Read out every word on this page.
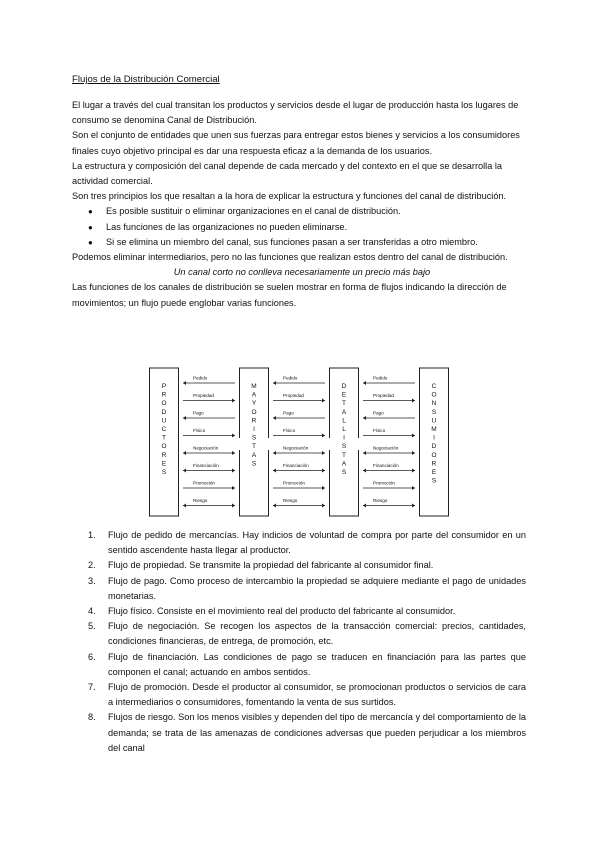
Flujos de la Distribución Comercial

El lugar a través del cual transitan los productos y servicios desde el lugar de producción hasta los lugares de consumo se denomina Canal de Distribución.

Son el conjunto de entidades que unen sus fuerzas para entregar estos bienes y servicios a los consumidores finales cuyo objetivo principal es dar una respuesta eficaz a la demanda de los usuarios.

La estructura y composición del canal depende de cada mercado y del contexto en el que se desarrolla la actividad comercial.

Son tres principios los que resaltan a la hora de explicar la estructura y funciones del canal de distribución.

● Es posible sustituir o eliminar organizaciones en el canal de distribución.
● Las funciones de las organizaciones no pueden eliminarse.
● Si se elimina un miembro del canal, sus funciones pasan a ser transferidas a otro miembro.

Podemos eliminar intermediarios, pero no las funciones que realizan estos dentro del canal de distribución.

Un canal corto no conlleva necesariamente un precio más bajo

Las funciones de los canales de distribución se suelen mostrar en forma de flujos indicando la dirección de movimientos; un flujo puede englobar varias funciones.

P
R
O
D
U
C
T
O
R
E
S
M
A
Y
O
R
I
S
T
A
S
D
E
T
A
L
L
I
S
T
A
S
C
O
N
S
U
M
I
D
O
R
E
S
Pedido
Propiedad
Pago
Físico
Negociación
Financiación
Promoción
Riesgo
Pedido
Propiedad
Pago
Físico
Negociación
Financiación
Promoción
Riesgo
Pedido
Propiedad
Pago
Físico
Negociación
Financiación
Promoción
Riesgo
1. Flujo de pedido de mercancías. Hay indicios de voluntad de compra por parte del consumidor en un sentido ascendente hasta llegar al productor.
2. Flujo de propiedad. Se transmite la propiedad del fabricante al consumidor final.
3. Flujo de pago. Como proceso de intercambio la propiedad se adquiere mediante el pago de unidades monetarias.
4. Flujo físico. Consiste en el movimiento real del producto del fabricante al consumidor.
5. Flujo de negociación. Se recogen los aspectos de la transacción comercial: precios, cantidades, condiciones financieras, de entrega, de promoción, etc.
6. Flujo de financiación. Las condiciones de pago se traducen en financiación para las partes que componen el canal; actuando en ambos sentidos.
7. Flujo de promoción. Desde el productor al consumidor, se promocionan productos o servicios de cara a intermediarios o consumidores, fomentando la venta de sus surtidos.
8. Flujos de riesgo. Son los menos visibles y dependen del tipo de mercancía y del comportamiento de la demanda; se trata de las amenazas de condiciones adversas que pueden perjudicar a los miembros del canal
